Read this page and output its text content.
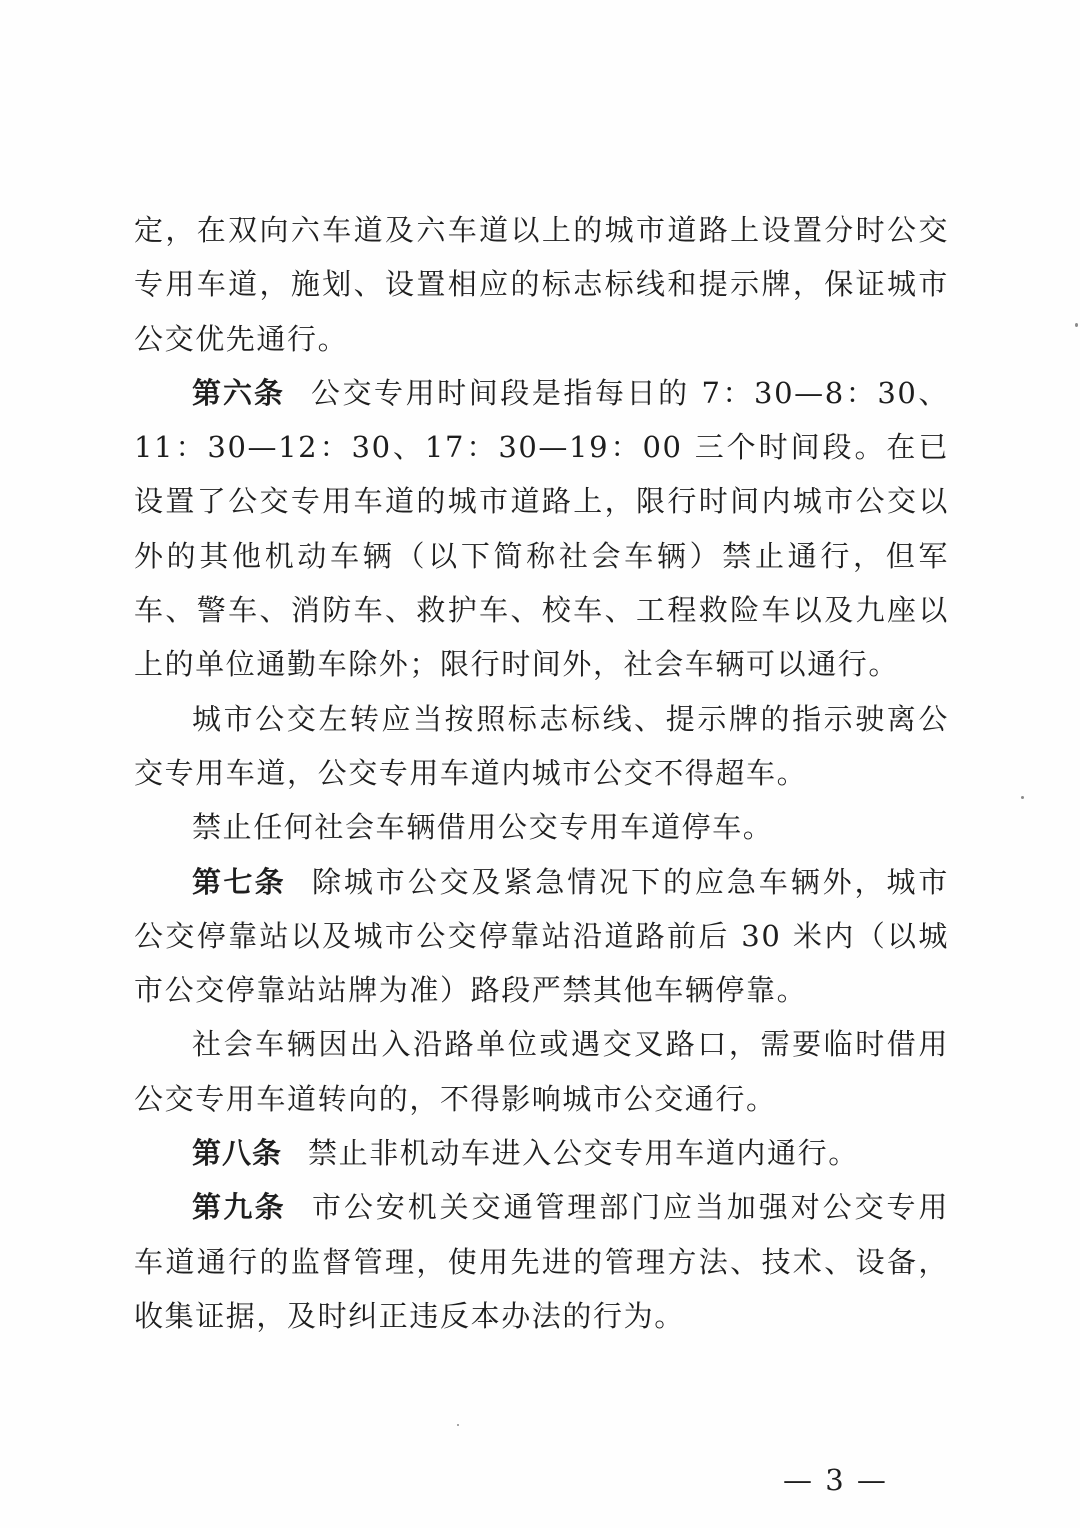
定，在双向六车道及六车道以上的城市道路上设置分时公交专用车道，施划、设置相应的标志标线和提示牌，保证城市公交优先通行。

第六条 公交专用时间段是指每日的 7：30—8：30、11：30—12：30、17：30—19：00 三个时间段。在已设置了公交专用车道的城市道路上，限行时间内城市公交以外的其他机动车辆（以下简称社会车辆）禁止通行，但军车、警车、消防车、救护车、校车、工程救险车以及九座以上的单位通勤车除外；限行时间外，社会车辆可以通行。

城市公交左转应当按照标志标线、提示牌的指示驶离公交专用车道，公交专用车道内城市公交不得超车。

禁止任何社会车辆借用公交专用车道停车。

第七条 除城市公交及紧急情况下的应急车辆外，城市公交停靠站以及城市公交停靠站沿道路前后 30 米内（以城市公交停靠站站牌为准）路段严禁其他车辆停靠。

社会车辆因出入沿路单位或遇交叉路口，需要临时借用公交专用车道转向的，不得影响城市公交通行。

第八条 禁止非机动车进入公交专用车道内通行。

第九条 市公安机关交通管理部门应当加强对公交专用车道通行的监督管理，使用先进的管理方法、技术、设备，收集证据，及时纠正违反本办法的行为。

— 3 —
